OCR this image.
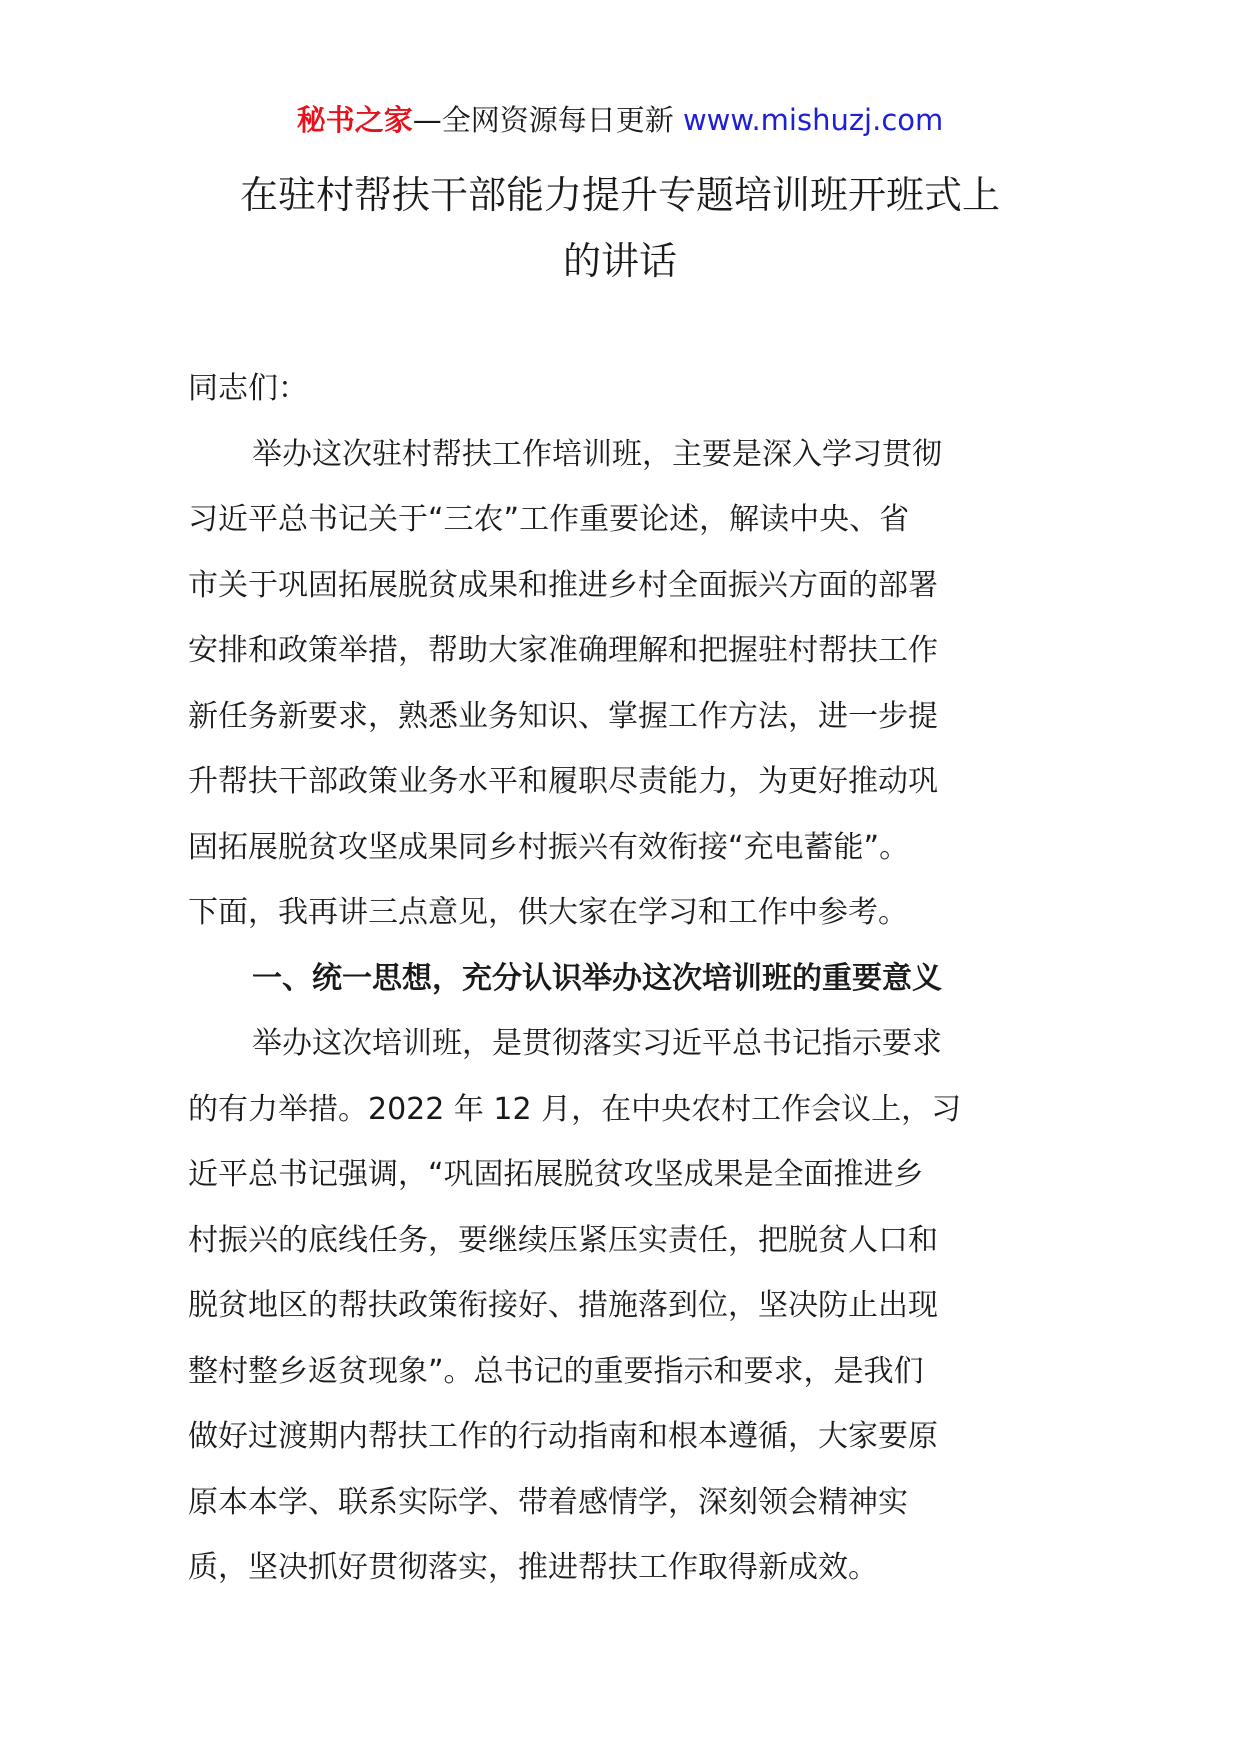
秘书之家—全网资源每日更新 www.mishuzj.com
在驻村帮扶干部能力提升专题培训班开班式上
的讲话

同志们：

举办这次驻村帮扶工作培训班，主要是深入学习贯彻

习近平总书记关于“三农”工作重要论述，解读中央、省

市关于巩固拓展脱贫成果和推进乡村全面振兴方面的部署

安排和政策举措，帮助大家准确理解和把握驻村帮扶工作

新任务新要求，熟悉业务知识、掌握工作方法，进一步提

升帮扶干部政策业务水平和履职尽责能力，为更好推动巩

固拓展脱贫攻坚成果同乡村振兴有效衔接“充电蓄能”。

下面，我再讲三点意见，供大家在学习和工作中参考。

一、统一思想，充分认识举办这次培训班的重要意义

举办这次培训班，是贯彻落实习近平总书记指示要求

的有力举措。2022 年 12 月，在中央农村工作会议上，习

近平总书记强调，“巩固拓展脱贫攻坚成果是全面推进乡

村振兴的底线任务，要继续压紧压实责任，把脱贫人口和

脱贫地区的帮扶政策衔接好、措施落到位，坚决防止出现

整村整乡返贫现象”。总书记的重要指示和要求，是我们

做好过渡期内帮扶工作的行动指南和根本遵循，大家要原

原本本学、联系实际学、带着感情学，深刻领会精神实

质，坚决抓好贯彻落实，推进帮扶工作取得新成效。
